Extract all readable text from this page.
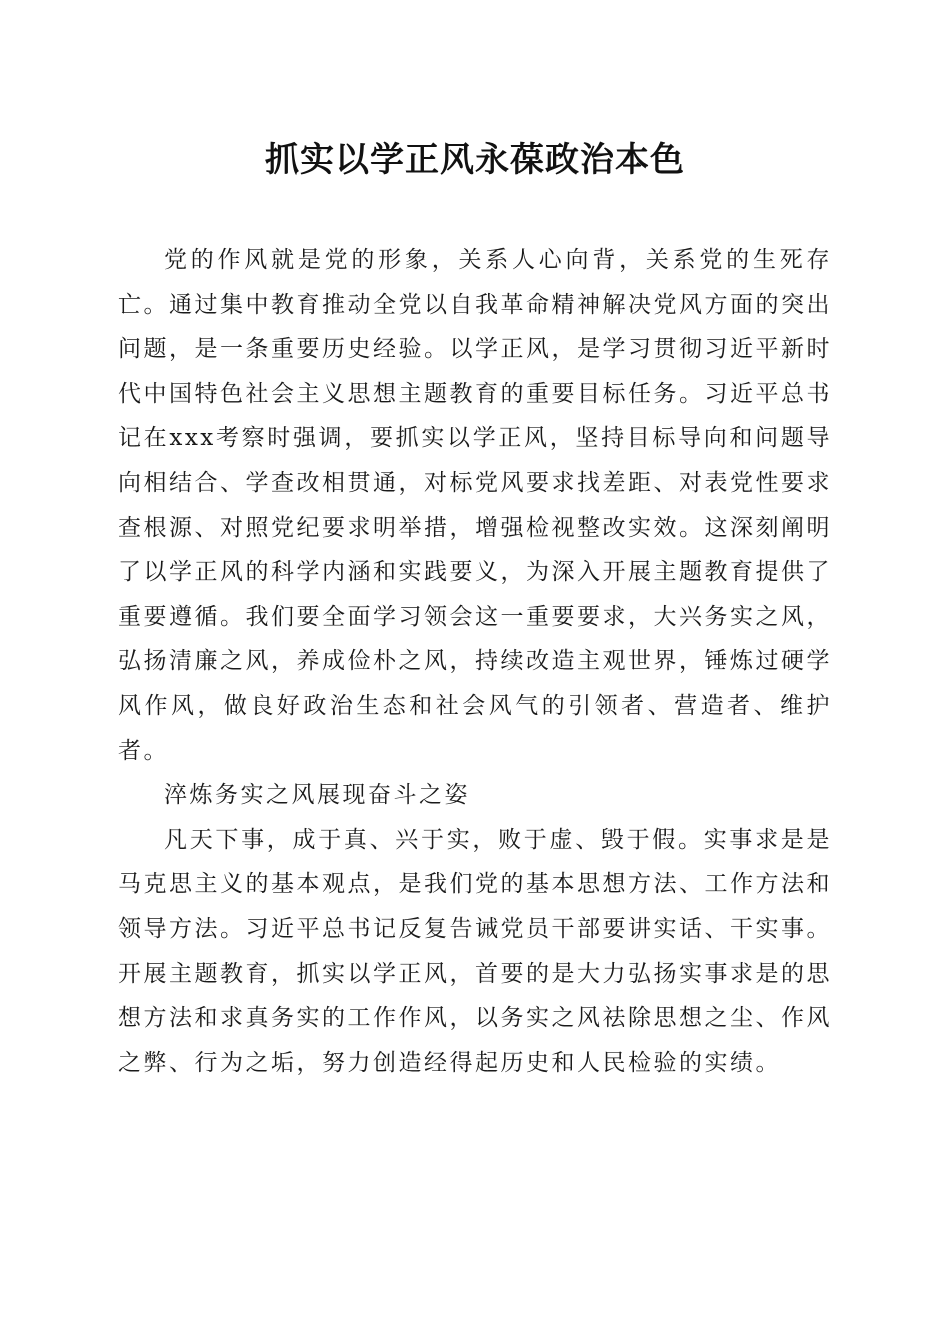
抓实以学正风永葆政治本色

党的作风就是党的形象，关系人心向背，关系党的生死存亡。通过集中教育推动全党以自我革命精神解决党风方面的突出问题，是一条重要历史经验。以学正风，是学习贯彻习近平新时代中国特色社会主义思想主题教育的重要目标任务。习近平总书记在xxx考察时强调，要抓实以学正风，坚持目标导向和问题导向相结合、学查改相贯通，对标党风要求找差距、对表党性要求查根源、对照党纪要求明举措，增强检视整改实效。这深刻阐明了以学正风的科学内涵和实践要义，为深入开展主题教育提供了重要遵循。我们要全面学习领会这一重要要求，大兴务实之风，弘扬清廉之风，养成俭朴之风，持续改造主观世界，锤炼过硬学风作风，做良好政治生态和社会风气的引领者、营造者、维护者。

淬炼务实之风展现奋斗之姿

凡天下事，成于真、兴于实，败于虚、毁于假。实事求是是马克思主义的基本观点，是我们党的基本思想方法、工作方法和领导方法。习近平总书记反复告诫党员干部要讲实话、干实事。开展主题教育，抓实以学正风，首要的是大力弘扬实事求是的思想方法和求真务实的工作作风，以务实之风祛除思想之尘、作风之弊、行为之垢，努力创造经得起历史和人民检验的实绩。
